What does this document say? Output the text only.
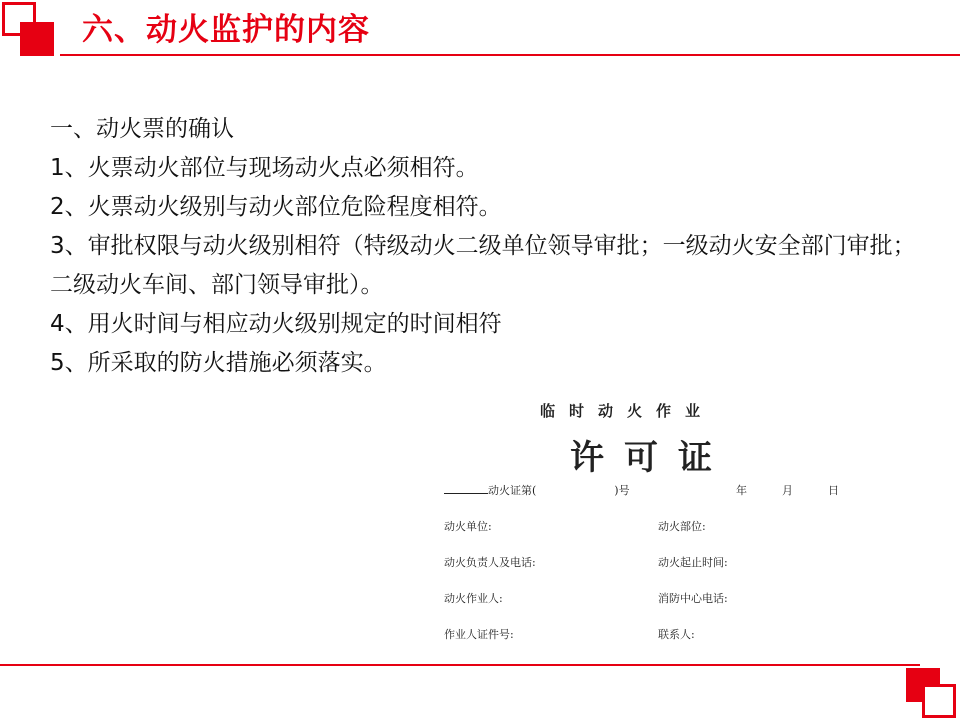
六、动火监护的内容
一、动火票的确认
1、火票动火部位与现场动火点必须相符。
2、火票动火级别与动火部位危险程度相符。
3、审批权限与动火级别相符（特级动火二级单位领导审批；一级动火安全部门审批；二级动火车间、部门领导审批）。
4、用火时间与相应动火级别规定的时间相符
5、所采取的防火措施必须落实。
临时动火作业
许可证
动火证第(	)号	年	月	日
动火单位:	动火部位:
动火负责人及电话:	动火起止时间:
动火作业人:	消防中心电话:
作业人证件号:	联系人:
